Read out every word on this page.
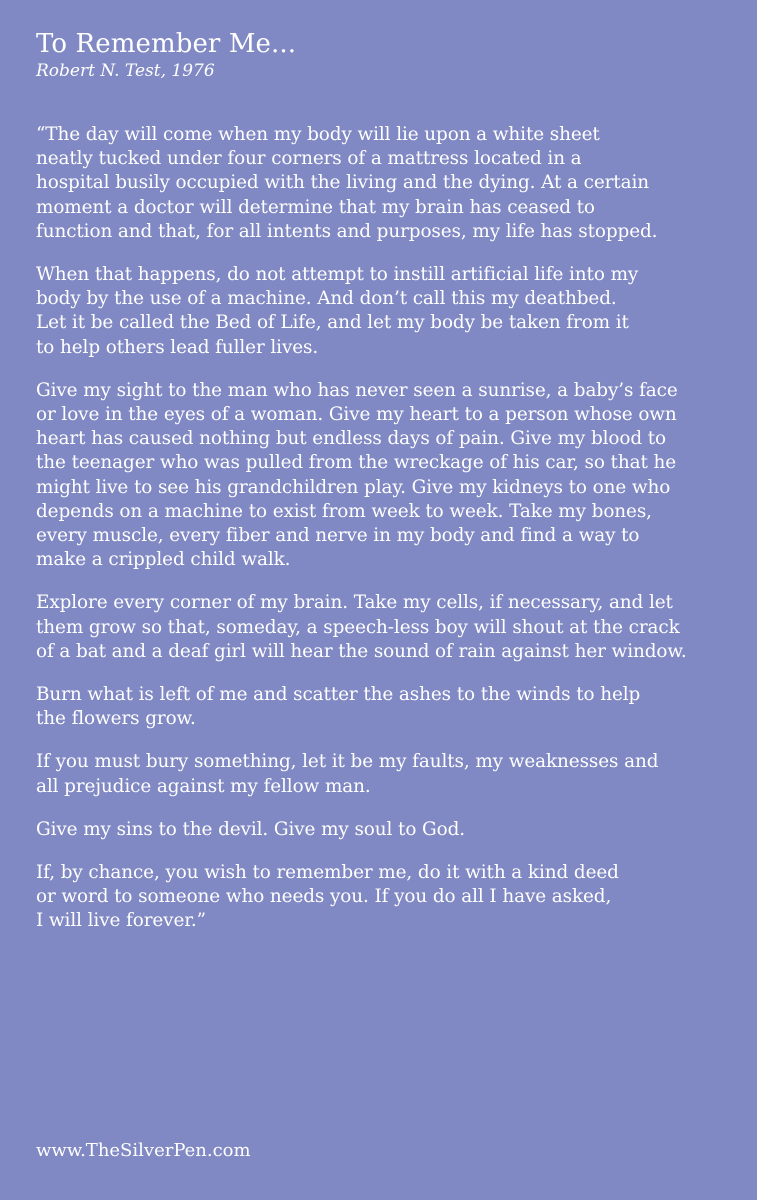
To Remember Me...
Robert N. Test, 1976

“The day will come when my body will lie upon a white sheet
neatly tucked under four corners of a mattress located in a
hospital busily occupied with the living and the dying. At a certain
moment a doctor will determine that my brain has ceased to
function and that, for all intents and purposes, my life has stopped.

When that happens, do not attempt to instill artificial life into my
body by the use of a machine. And don’t call this my deathbed.
Let it be called the Bed of Life, and let my body be taken from it
to help others lead fuller lives.

Give my sight to the man who has never seen a sunrise, a baby’s face
or love in the eyes of a woman. Give my heart to a person whose own
heart has caused nothing but endless days of pain. Give my blood to
the teenager who was pulled from the wreckage of his car, so that he
might live to see his grandchildren play. Give my kidneys to one who
depends on a machine to exist from week to week. Take my bones,
every muscle, every fiber and nerve in my body and find a way to
make a crippled child walk.

Explore every corner of my brain. Take my cells, if necessary, and let
them grow so that, someday, a speech-less boy will shout at the crack
of a bat and a deaf girl will hear the sound of rain against her window.

Burn what is left of me and scatter the ashes to the winds to help
the flowers grow.

If you must bury something, let it be my faults, my weaknesses and
all prejudice against my fellow man.

Give my sins to the devil. Give my soul to God.

If, by chance, you wish to remember me, do it with a kind deed
or word to someone who needs you. If you do all I have asked,
I will live forever.”

www.TheSilverPen.com
